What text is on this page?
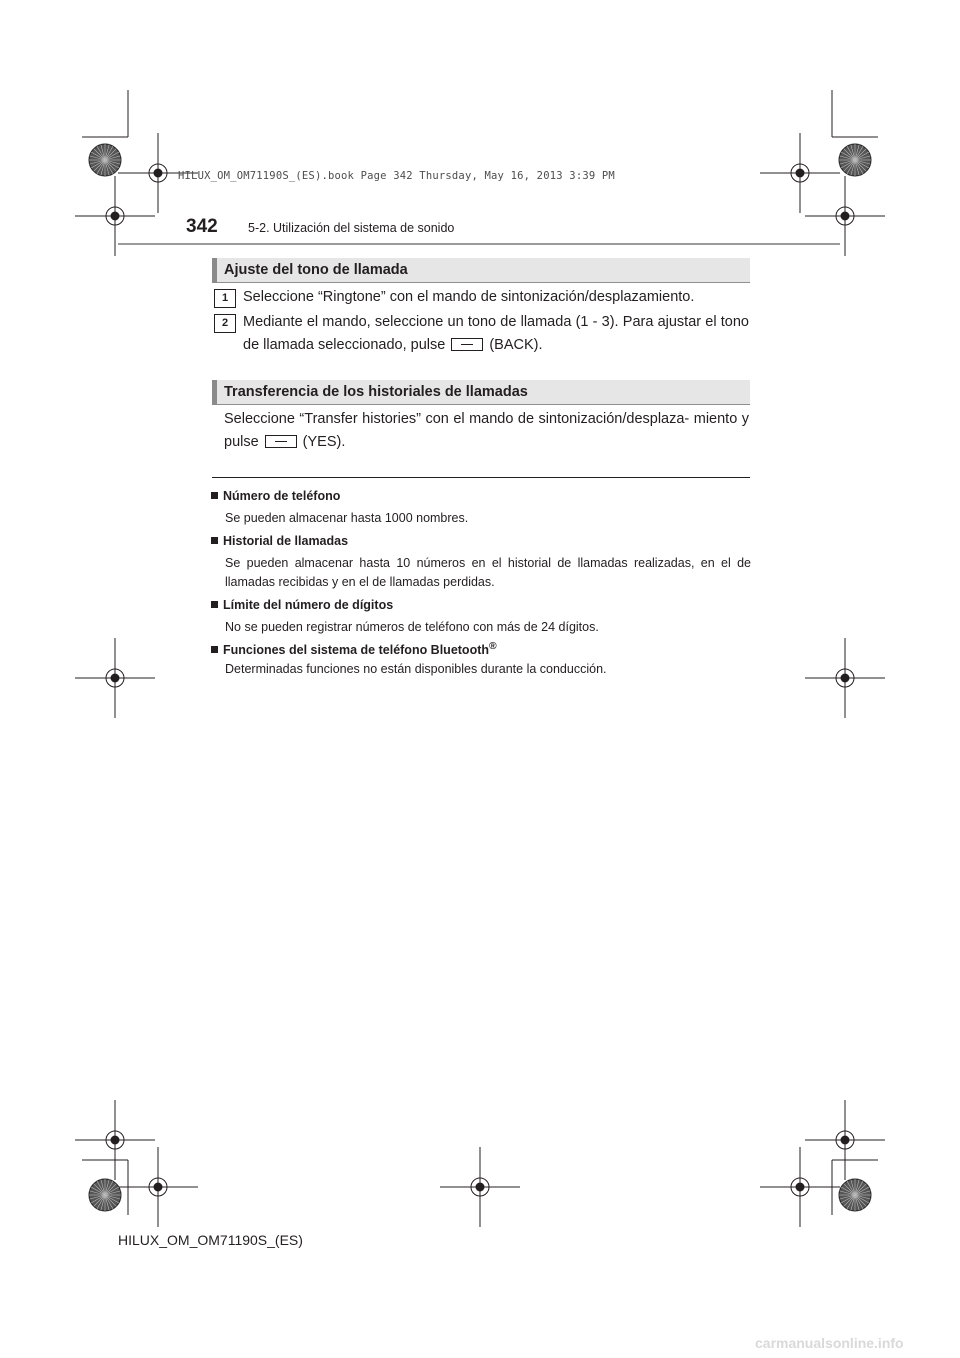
HILUX_OM_OM71190S_(ES).book Page 342 Thursday, May 16, 2013 3:39 PM
342 5-2. Utilización del sistema de sonido
Ajuste del tono de llamada
1	Seleccione “Ringtone” con el mando de sintonización/desplazamiento.
2	Mediante el mando, seleccione un tono de llamada (1 - 3). Para ajustar el tono de llamada seleccionado, pulse	(BACK).
Transferencia de los historiales de llamadas
Seleccione “Transfer histories” con el mando de sintonización/desplaza- miento y pulse	(YES).
Número de teléfono
Se pueden almacenar hasta 1000 nombres.
Historial de llamadas
Se pueden almacenar hasta 10 números en el historial de llamadas realizadas, en el de llamadas recibidas y en el de llamadas perdidas.
Límite del número de dígitos
No se pueden registrar números de teléfono con más de 24 dígitos.
Funciones del sistema de teléfono Bluetooth®
Determinadas funciones no están disponibles durante la conducción.
HILUX_OM_OM71190S_(ES)
carmanualsonline.info
